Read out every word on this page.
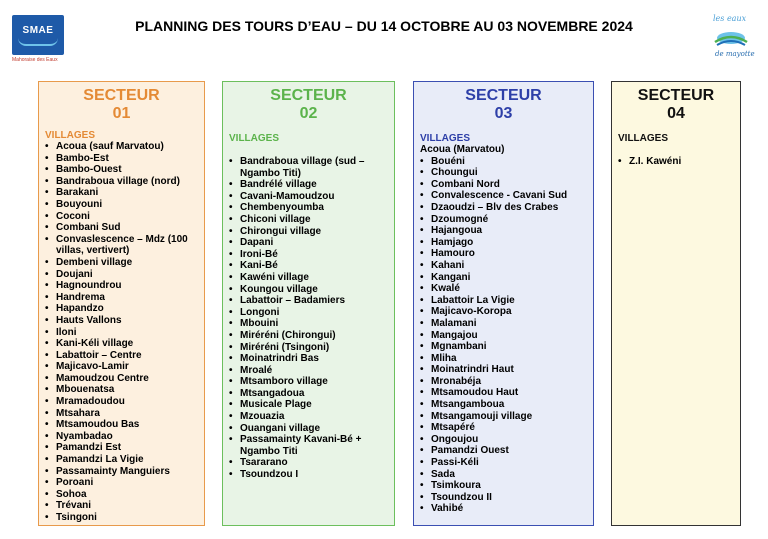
SMAE
Mahoraise des Eaux
PLANNING DES TOURS D’EAU – DU 14 OCTOBRE AU 03 NOVEMBRE 2024	les eaux
de mayotte
SECTEUR
01
VILLAGES
• Acoua (sauf Marvatou)
• Bambo-Est
• Bambo-Ouest
• Bandraboua village (nord)
• Barakani
• Bouyouni
• Coconi
• Combani Sud
• Convaslescence – Mdz (100 villas, vertivert)
• Dembeni village
• Doujani
• Hagnoundrou
• Handrema
• Hapandzo
• Hauts Vallons
• Iloni
• Kani-Kéli village
• Labattoir – Centre
• Majicavo-Lamir
• Mamoudzou Centre
• Mbouenatsa
• Mramadoudou
• Mtsahara
• Mtsamoudou Bas
• Nyambadao
• Pamandzi Est
• Pamandzi La Vigie
• Passamainty Manguiers
• Poroani
• Sohoa
• Trévani
• Tsingoni
SECTEUR
02
VILLAGES
• Bandraboua village (sud – Ngambo Titi)
• Bandrélé village
• Cavani-Mamoudzou
• Chembenyoumba
• Chiconi village
• Chirongui village
• Dapani
• Ironi-Bé
• Kani-Bé
• Kawéni village
• Koungou village
• Labattoir – Badamiers
• Longoni
• Mbouini
• Miréréni (Chirongui)
• Miréréni (Tsingoni)
• Moinatrindri Bas
• Mroalé
• Mtsamboro village
• Mtsangadoua
• Musicale Plage
• Mzouazia
• Ouangani village
• Passamainty Kavani-Bé + Ngambo Titi
• Tsararano
• Tsoundzou I
SECTEUR
03
VILLAGES
Acoua (Marvatou)
• Bouéni
• Choungui
• Combani Nord
• Convalescence - Cavani Sud
• Dzaoudzi – Blv des Crabes
• Dzoumogné
• Hajangoua
• Hamjago
• Hamouro
• Kahani
• Kangani
• Kwalé
• Labattoir La Vigie
• Majicavo-Koropa
• Malamani
• Mangajou
• Mgnambani
• Mliha
• Moinatrindri Haut
• Mronabéja
• Mtsamoudou Haut
• Mtsangamboua
• Mtsangamouji village
• Mtsapéré
• Ongoujou
• Pamandzi Ouest
• Passi-Kéli
• Sada
• Tsimkoura
• Tsoundzou II
• Vahibé
SECTEUR
04
VILLAGES
• Z.I. Kawéni
